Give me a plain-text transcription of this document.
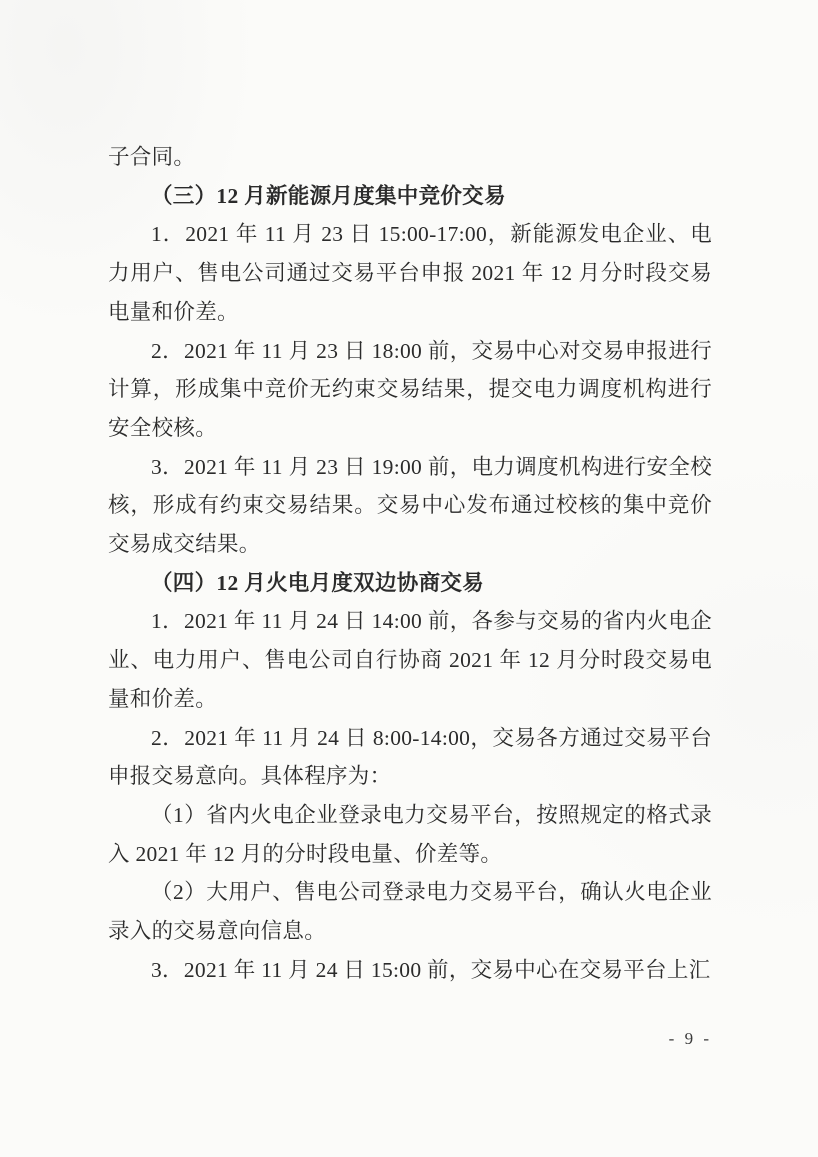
子合同。

（三）12 月新能源月度集中竞价交易

1．2021 年 11 月 23 日 15:00-17:00，新能源发电企业、电力用户、售电公司通过交易平台申报 2021 年 12 月分时段交易电量和价差。

2．2021 年 11 月 23 日 18:00 前，交易中心对交易申报进行计算，形成集中竞价无约束交易结果，提交电力调度机构进行安全校核。

3．2021 年 11 月 23 日 19:00 前，电力调度机构进行安全校核，形成有约束交易结果。交易中心发布通过校核的集中竞价交易成交结果。

（四）12 月火电月度双边协商交易

1．2021 年 11 月 24 日 14:00 前，各参与交易的省内火电企业、电力用户、售电公司自行协商 2021 年 12 月分时段交易电量和价差。

2．2021 年 11 月 24 日 8:00-14:00，交易各方通过交易平台申报交易意向。具体程序为：

（1）省内火电企业登录电力交易平台，按照规定的格式录入 2021 年 12 月的分时段电量、价差等。

（2）大用户、售电公司登录电力交易平台，确认火电企业录入的交易意向信息。

3．2021 年 11 月 24 日 15:00 前，交易中心在交易平台上汇

- 9 -
